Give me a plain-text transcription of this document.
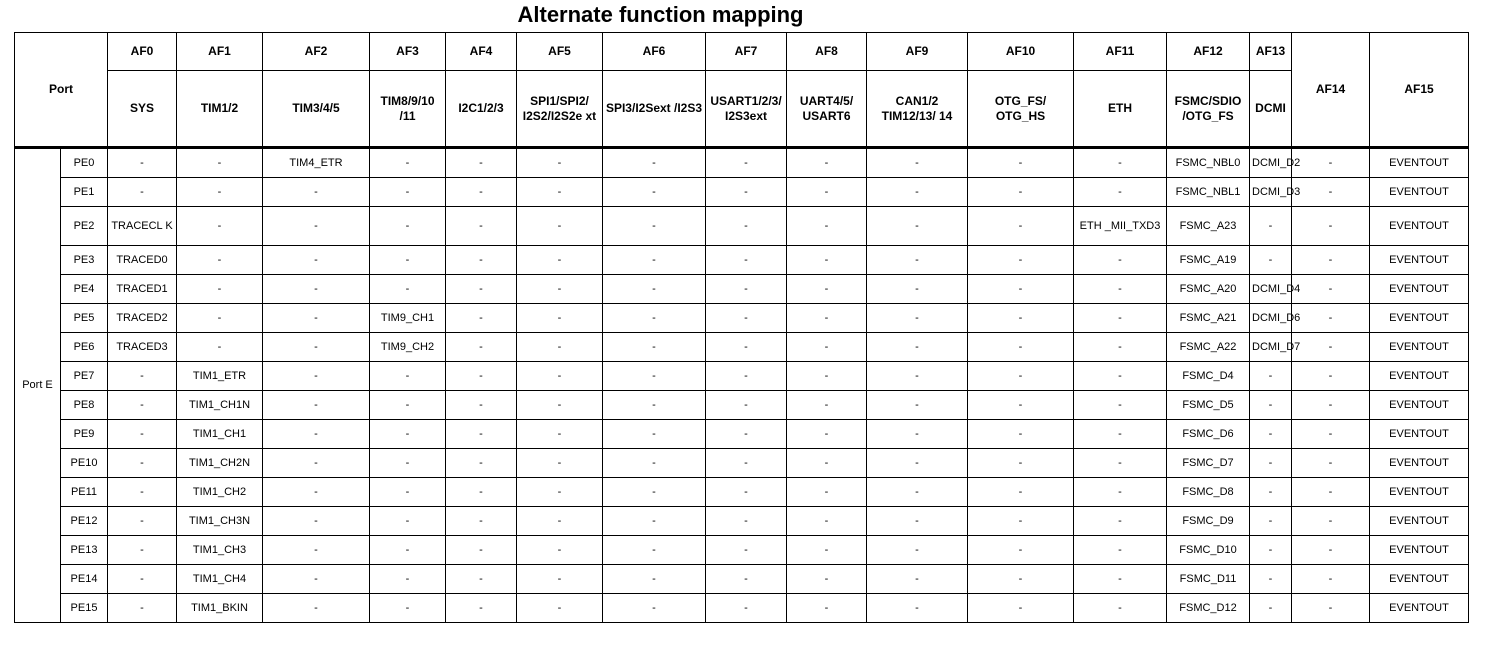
Alternate function mapping
Port		AF0	AF1	AF2	AF3	AF4	AF5	AF6	AF7	AF8	AF9	AF10	AF11	AF12	AF13	AF14	AF15
		SYS	TIM1/2	TIM3/4/5	TIM8/9/10 /11	I2C1/2/3	SPI1/SPI2/ I2S2/I2S2e xt	SPI3/I2Sext /I2S3	USART1/2/3/ I2S3ext	UART4/5/ USART6	CAN1/2 TIM12/13/ 14	OTG_FS/ OTG_HS	ETH	FSMC/SDIO /OTG_FS	DCMI		
Port E	PE0	-	-	TIM4_ETR	-	-	-	-	-	-	-	-	-	FSMC_NBL0	DCMI_D2	-	EVENTOUT
	PE1	-	-	-	-	-	-	-	-	-	-	-	-	FSMC_NBL1	DCMI_D3	-	EVENTOUT
	PE2	TRACECL K	-	-	-	-	-	-	-	-	-	-	ETH _MII_TXD3	FSMC_A23	-	-	EVENTOUT
	PE3	TRACED0	-	-	-	-	-	-	-	-	-	-	-	FSMC_A19	-	-	EVENTOUT
	PE4	TRACED1	-	-	-	-	-	-	-	-	-	-	-	FSMC_A20	DCMI_D4	-	EVENTOUT
	PE5	TRACED2	-	-	TIM9_CH1	-	-	-	-	-	-	-	-	FSMC_A21	DCMI_D6	-	EVENTOUT
	PE6	TRACED3	-	-	TIM9_CH2	-	-	-	-	-	-	-	-	FSMC_A22	DCMI_D7	-	EVENTOUT
	PE7	-	TIM1_ETR	-	-	-	-	-	-	-	-	-	-	FSMC_D4	-	-	EVENTOUT
	PE8	-	TIM1_CH1N	-	-	-	-	-	-	-	-	-	-	FSMC_D5	-	-	EVENTOUT
	PE9	-	TIM1_CH1	-	-	-	-	-	-	-	-	-	-	FSMC_D6	-	-	EVENTOUT
	PE10	-	TIM1_CH2N	-	-	-	-	-	-	-	-	-	-	FSMC_D7	-	-	EVENTOUT
	PE11	-	TIM1_CH2	-	-	-	-	-	-	-	-	-	-	FSMC_D8	-	-	EVENTOUT
	PE12	-	TIM1_CH3N	-	-	-	-	-	-	-	-	-	-	FSMC_D9	-	-	EVENTOUT
	PE13	-	TIM1_CH3	-	-	-	-	-	-	-	-	-	-	FSMC_D10	-	-	EVENTOUT
	PE14	-	TIM1_CH4	-	-	-	-	-	-	-	-	-	-	FSMC_D11	-	-	EVENTOUT
	PE15	-	TIM1_BKIN	-	-	-	-	-	-	-	-	-	-	FSMC_D12	-	-	EVENTOUT
